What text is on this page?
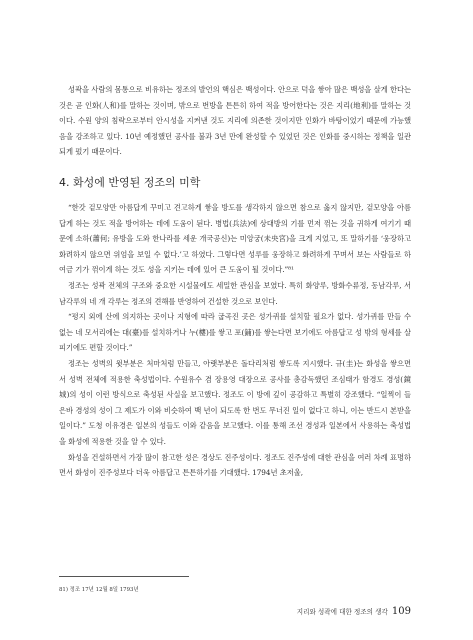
성곽을 사람의 몸통으로 비유하는 정조의 발언의 핵심은 백성이다. 안으로 덕을 쌓아 많은 백성을 살게 한다는 것은 곧 인화(人和)를 말하는 것이며, 밖으로 번방을 튼튼히 하여 적을 방어한다는 것은 지리(地利)를 말하는 것이다. 수원 양의 침략으로부터 안시성을 지켜낸 것도 지리에 의존한 것이지만 인화가 바탕이었기 때문에 가능했음을 강조하고 있다. 10년 예정했던 공사를 불과 3년 만에 완성할 수 있었던 것은 인화를 중시하는 정책을 일관되게 펐기 때문이다.

4. 화성에 반영된 정조의 미학

“한갓 겉모양만 아름답게 꾸미고 견고하게 쌓을 방도를 생각하지 않으면 참으로 옳지 않지만, 겉모양을 아름답게 하는 것도 적을 방어하는 데에 도움이 된다. 병법(兵法)에 상대방의 기를 먼저 꺾는 것을 귀하게 여기기 때문에 소하(蕭何; 유방을 도와 한나라를 세운 개국공신)는 미앙궁(未央宮)을 크게 지었고, 또 말하기를 ‘웅장하고 화려하지 않으면 위엄을 보일 수 없다.’고 하였다. 그렇다면 성루를 웅장하고 화려하게 꾸며서 보는 사람들로 하여금 기가 꺾이게 하는 것도 성을 지키는 데에 있어 큰 도움이 될 것이다.”⁸¹

정조는 성곽 전체의 구조와 중요한 시설물에도 세밀한 관심을 보였다. 특히 화양루, 방화수류정, 동남각루, 서남각루의 네 개 각루는 정조의 견해를 반영하여 건설한 것으로 보인다.

“평지 외에 산에 의지하는 곳이나 지형에 따라 굽곡진 곳은 성가퀴를 설치할 필요가 없다. 성가퀴를 만들 수 없는 네 모서리에는 대(臺)를 설치하거나 누(樓)를 쌓고 포(鋪)를 쌓는다면 보기에도 아름답고 성 밖의 형세를 살피기에도 편할 것이다.”

정조는 성벽의 윗부분은 처마처럼 만들고, 아랫부분은 돌다리처럼 쌓도록 지시했다. 규(圭)는 화성을 쌓으면서 성벽 전체에 적용한 축성법이다. 수원유수 겸 장용영 대장으로 공사를 총감독했던 조심태가 함경도 경성(鏡城)의 성이 이런 방식으로 축성된 사실을 보고했다. 정조도 이 방에 깊이 공감하고 특별히 강조했다. “일찍이 들은바 경성의 성이 그 제도가 이와 비슷하여 백 년이 되도록 한 번도 무너진 일이 없다고 하니, 이는 반드시 본받을 일이다.” 도청 이유경은 일본의 성들도 이와 같음을 보고했다. 이를 통해 조선 경성과 일본에서 사용하는 축성법을 화성에 적용한 것을 알 수 있다.

화성을 건설하면서 가장 많이 참고한 성은 경상도 진주성이다. 정조도 진주성에 대한 관심을 여러 차례 표명하면서 화성이 진주성보다 더욱 아름답고 튼튼하기를 기대했다. 1794년 초저울,

81) 정조 17년 12월 8일 1793년
지리와 성곽에 대한 정조의 생각 109
